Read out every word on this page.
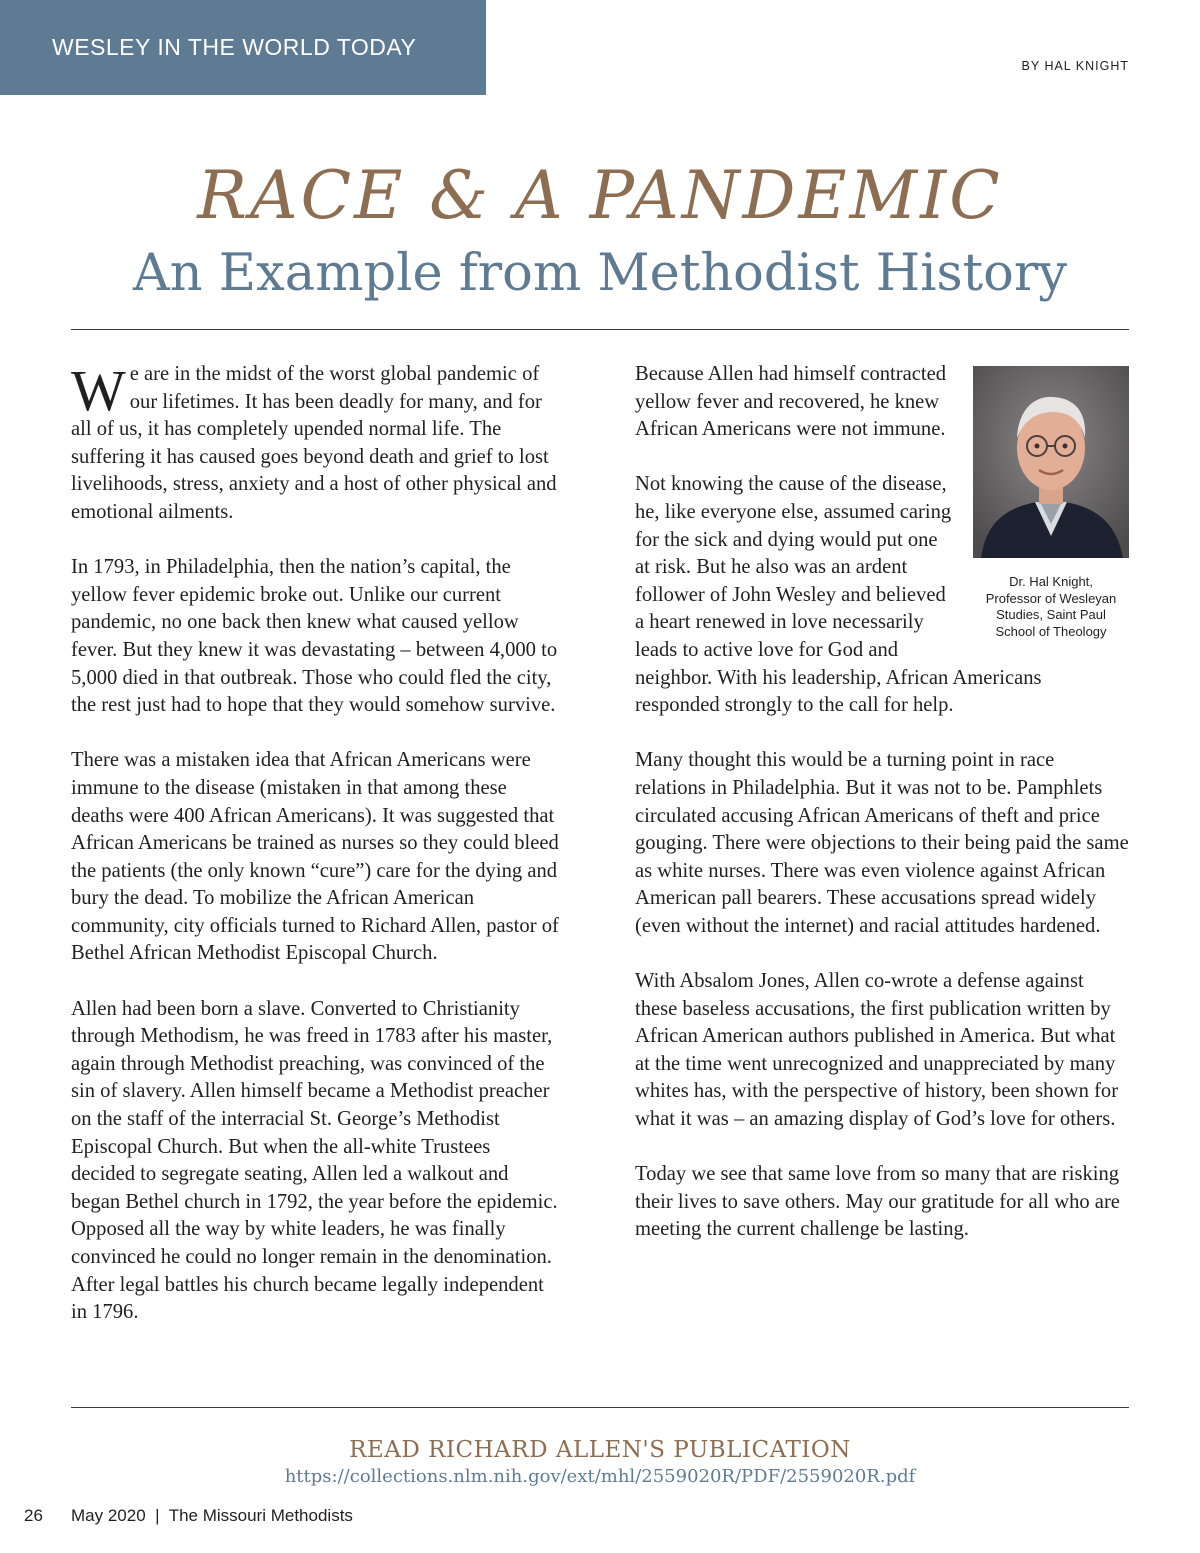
WESLEY IN THE WORLD TODAY
BY HAL KNIGHT
RACE & A PANDEMIC
An Example from Methodist History

We are in the midst of the worst global pandemic of our lifetimes. It has been deadly for many, and for all of us, it has completely upended normal life. The suffering it has caused goes beyond death and grief to lost livelihoods, stress, anxiety and a host of other physical and emotional ailments.

In 1793, in Philadelphia, then the nation’s capital, the yellow fever epidemic broke out. Unlike our current pandemic, no one back then knew what caused yellow fever. But they knew it was devastating – between 4,000 to 5,000 died in that outbreak. Those who could fled the city, the rest just had to hope that they would somehow survive.

There was a mistaken idea that African Americans were immune to the disease (mistaken in that among these deaths were 400 African Americans). It was suggested that African Americans be trained as nurses so they could bleed the patients (the only known “cure”) care for the dying and bury the dead. To mobilize the African American community, city officials turned to Richard Allen, pastor of Bethel African Methodist Episcopal Church.

Allen had been born a slave. Converted to Christianity through Methodism, he was freed in 1783 after his master, again through Methodist preaching, was convinced of the sin of slavery. Allen himself became a Methodist preacher on the staff of the interracial St. George’s Methodist Episcopal Church. But when the all-white Trustees decided to segregate seating, Allen led a walkout and began Bethel church in 1792, the year before the epidemic. Opposed all the way by white leaders, he was finally convinced he could no longer remain in the denomination. After legal battles his church became legally independent in 1796.

Because Allen had himself contracted yellow fever and recovered, he knew African Americans were not immune.

Not knowing the cause of the disease, he, like everyone else, assumed caring for the sick and dying would put one at risk. But he also was an ardent follower of John Wesley and believed a heart renewed in love necessarily leads to active love for God and neighbor. With his leadership, African Americans responded strongly to the call for help.

Many thought this would be a turning point in race relations in Philadelphia. But it was not to be. Pamphlets circulated accusing African Americans of theft and price gouging. There were objections to their being paid the same as white nurses. There was even violence against African American pall bearers. These accusations spread widely (even without the internet) and racial attitudes hardened.

With Absalom Jones, Allen co-wrote a defense against these baseless accusations, the first publication written by African American authors published in America. But what at the time went unrecognized and unappreciated by many whites has, with the perspective of history, been shown for what it was – an amazing display of God’s love for others.

Today we see that same love from so many that are risking their lives to save others. May our gratitude for all who are meeting the current challenge be lasting.

Dr. Hal Knight,
Professor of Wesleyan
Studies, Saint Paul
School of Theology
READ RICHARD ALLEN'S PUBLICATION
https://collections.nlm.nih.gov/ext/mhl/2559020R/PDF/2559020R.pdf
26 May 2020 | The Missouri Methodists
